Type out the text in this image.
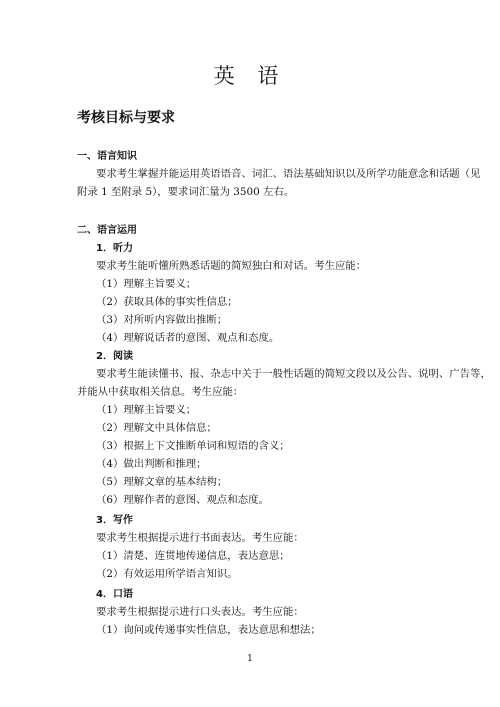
英 语
考核目标与要求
一、语言知识
要求考生掌握并能运用英语语音、词汇、语法基础知识以及所学功能意念和话题（见
附录 1 至附录 5），要求词汇量为 3500 左右。
二、语言运用
1．听力
要求考生能听懂所熟悉话题的简短独白和对话。考生应能：
（1）理解主旨要义；
（2）获取具体的事实性信息；
（3）对所听内容做出推断；
（4）理解说话者的意图、观点和态度。
2．阅读
要求考生能读懂书、报、杂志中关于一般性话题的简短文段以及公告、说明、广告等，
并能从中获取相关信息。考生应能：
（1）理解主旨要义；
（2）理解文中具体信息；
（3）根据上下文推断单词和短语的含义；
（4）做出判断和推理；
（5）理解文章的基本结构；
（6）理解作者的意图、观点和态度。
3．写作
要求考生根据提示进行书面表达。考生应能：
（1）清楚、连贯地传递信息，表达意思；
（2）有效运用所学语言知识。
4．口语
要求考生根据提示进行口头表达。考生应能：
（1）询问或传递事实性信息，表达意思和想法；
1
